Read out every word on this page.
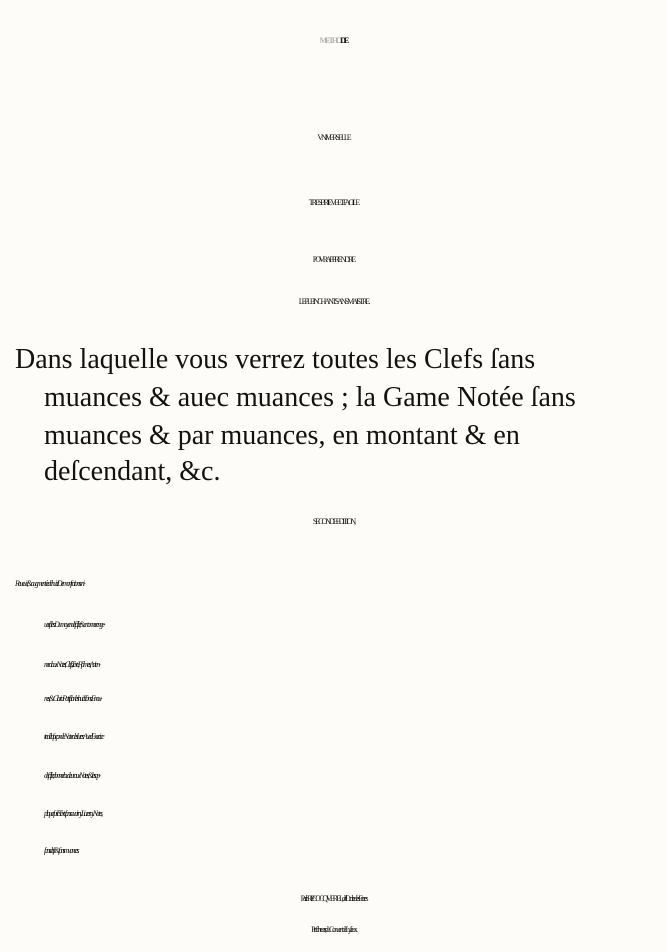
METHODE
VNIVERSELLE
TRES BRIEVE ET FACILE
POVR APPRENDRE
LE PLEIN CHANT SANS MAISTRE.
Dans laquelle vous verrez toutes les Clefs ſans
muances & auec muances ; la Game Notée ſans
muances & par muances, en montant & en
deſcendant, &c.
SECONDE EDITION,
Reueuë, & augmentée de huict Demonſtrations vni-
uerſelles: Du moyen de ſolfier, & entonner en ge-
neral aux Notes, Clefs, Texte, Pſalmes, Antien-
nes, & Gloria Patri, ſelon les huict Tons: En ou-
tre de la façon de Noter des liures : Auec l'Exercice
de ſolfier, donner la valeur aux Notes, & les ap-
pliquer ſur le Texte, ſans auoir ny Liures ny Notes,
ſans clefs & ſans muances.
Par le R. P. COCQVEREL, de l'Ordre des Freres
Preſcheurs, du Conuent de Lyſieux.
